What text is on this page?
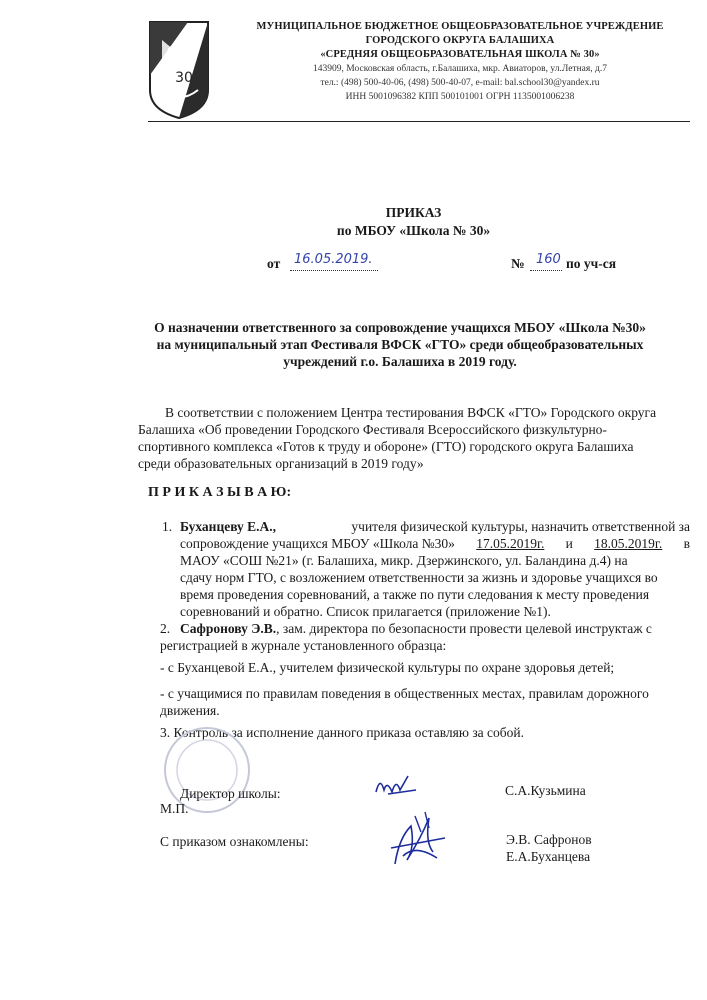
30
МУНИЦИПАЛЬНОЕ БЮДЖЕТНОЕ ОБЩЕОБРАЗОВАТЕЛЬНОЕ УЧРЕЖДЕНИЕ
ГОРОДСКОГО ОКРУГА БАЛАШИХА
«СРЕДНЯЯ ОБЩЕОБРАЗОВАТЕЛЬНАЯ ШКОЛА № 30»
143909, Московская область, г.Балашиха, мкр. Авиаторов, ул.Летная, д.7
тел.: (498) 500-40-06, (498) 500-40-07, e-mail: bal.school30@yandex.ru
ИНН 5001096382 КПП 500101001 ОГРН 1135001006238
ПРИКАЗ
по МБОУ «Школа № 30»
от 16.05.2019.	№ 160 по уч-ся
О назначении ответственного за сопровождение учащихся МБОУ «Школа №30»
на муниципальный этап Фестиваля ВФСК «ГТО» среди общеобразовательных
учреждений г.о. Балашиха в 2019 году.
В соответствии с положением Центра тестирования ВФСК «ГТО» Городского округа
Балашиха «Об проведении Городского Фестиваля Всероссийского физкультурно-
спортивного комплекса «Готов к труду и обороне» (ГТО) городского округа Балашиха
среди образовательных организаций в 2019 году»
П Р И К А З Ы В А Ю:
1. Буханцеву Е.А.,	учителя физической культуры, назначить ответственной за
сопровождение учащихся МБОУ «Школа №30» 17.05.2019г. и 18.05.2019г. в
МАОУ «СОШ №21» (г. Балашиха, микр. Дзержинского, ул. Баландина д.4) на
сдачу норм ГТО, с возложением ответственности за жизнь и здоровье учащихся во
время проведения соревнований, а также по пути следования к месту проведения
соревнований и обратно. Список прилагается (приложение №1).
2. Сафронову Э.В., зам. директора по безопасности провести целевой инструктаж с
регистрацией в журнале установленного образца:
- с Буханцевой Е.А., учителем физической культуры по охране здоровья детей;
- с учащимися по правилам поведения в общественных местах, правилам дорожного
движения.
3. Контроль за исполнение данного приказа оставляю за собой.
Директор школы:
М.П.
С.А.Кузьмина
С приказом ознакомлены:	Э.В. Сафронов
Е.А.Буханцева
